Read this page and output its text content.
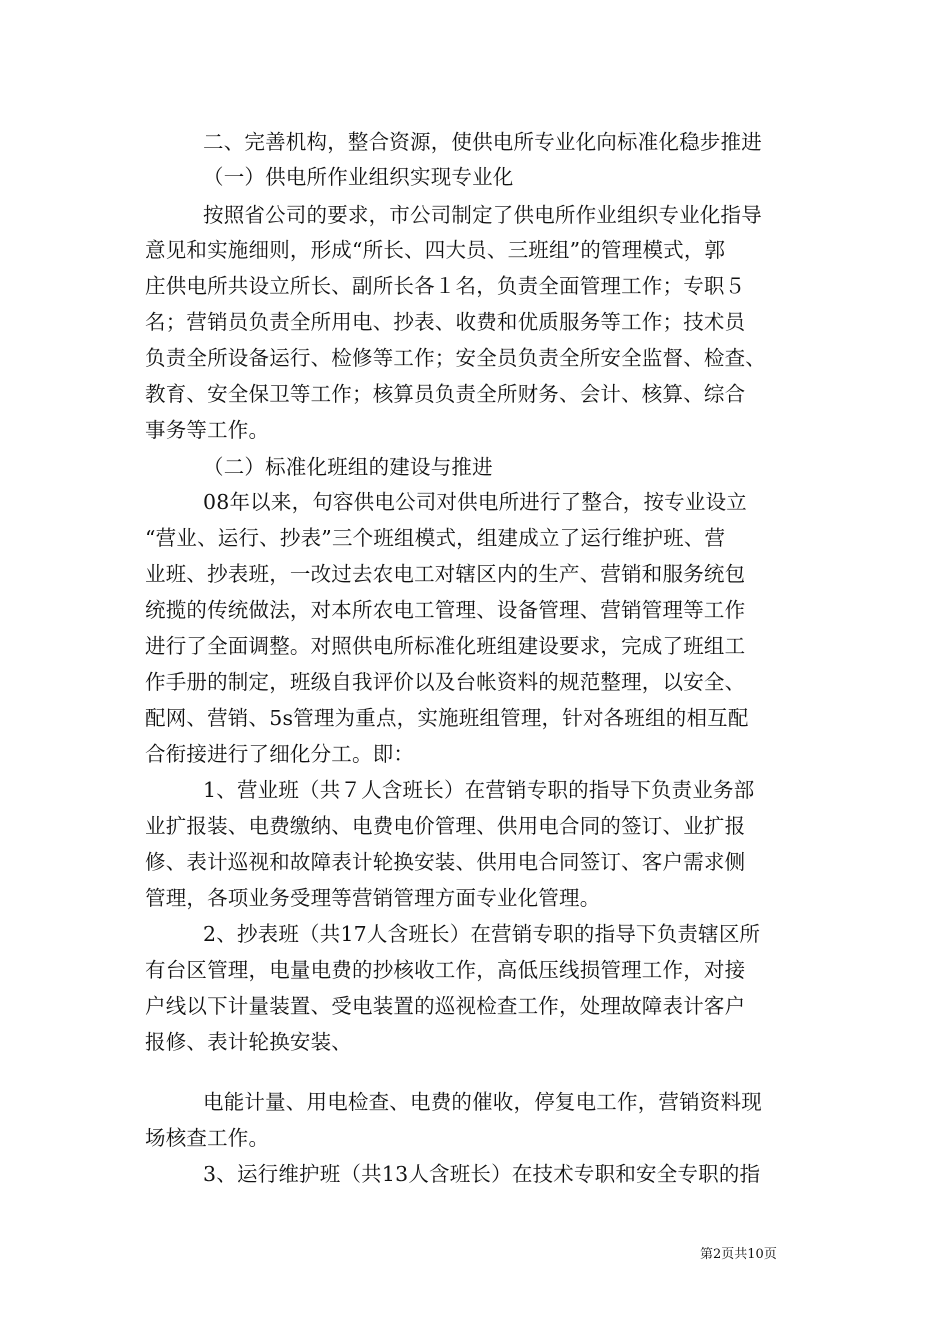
二、完善机构，整合资源，使供电所专业化向标准化稳步推进
（一）供电所作业组织实现专业化
按照省公司的要求，市公司制定了供电所作业组织专业化指导
意见和实施细则，形成“所长、四大员、三班组”的管理模式，郭
庄供电所共设立所长、副所长各１名，负责全面管理工作；专职５
名；营销员负责全所用电、抄表、收费和优质服务等工作；技术员
负责全所设备运行、检修等工作；安全员负责全所安全监督、检查、
教育、安全保卫等工作；核算员负责全所财务、会计、核算、综合
事务等工作。
（二）标准化班组的建设与推进
08年以来，句容供电公司对供电所进行了整合，按专业设立
“营业、运行、抄表”三个班组模式，组建成立了运行维护班、营
业班、抄表班，一改过去农电工对辖区内的生产、营销和服务统包
统揽的传统做法，对本所农电工管理、设备管理、营销管理等工作
进行了全面调整。对照供电所标准化班组建设要求，完成了班组工
作手册的制定，班级自我评价以及台帐资料的规范整理，以安全、
配网、营销、5s管理为重点，实施班组管理，针对各班组的相互配
合衔接进行了细化分工。即：
1、营业班（共７人含班长）在营销专职的指导下负责业务部
业扩报装、电费缴纳、电费电价管理、供用电合同的签订、业扩报
修、表计巡视和故障表计轮换安装、供用电合同签订、客户需求侧
管理，各项业务受理等营销管理方面专业化管理。
2、抄表班（共17人含班长）在营销专职的指导下负责辖区所
有台区管理，电量电费的抄核收工作，高低压线损管理工作，对接
户线以下计量装置、受电装置的巡视检查工作，处理故障表计客户
报修、表计轮换安装、
电能计量、用电检查、电费的催收，停复电工作，营销资料现
场核查工作。
3、运行维护班（共13人含班长）在技术专职和安全专职的指
第2页共10页
